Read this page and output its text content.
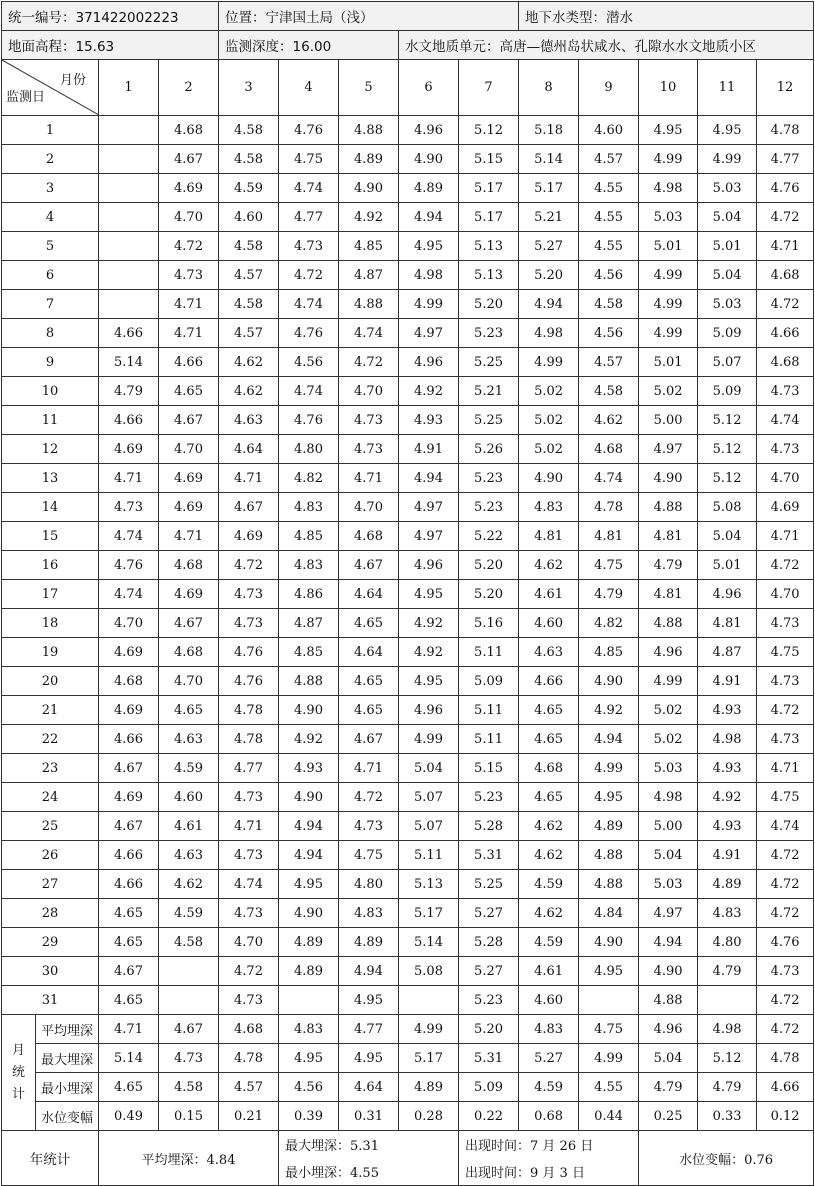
统一编号：371422002223				位置：宁津国土局（浅）					地下水类型：潜水				
地面高程：15.63				监测深度：16.00			水文地质单元：高唐—德州岛状咸水、孔隙水水文地质小区						

月份
监测日		1	2	3	4	5	6	7	8	9	10	11	12
1			4.68	4.58	4.76	4.88	4.96	5.12	5.18	4.60	4.95	4.95	4.78
2			4.67	4.58	4.75	4.89	4.90	5.15	5.14	4.57	4.99	4.99	4.77
3			4.69	4.59	4.74	4.90	4.89	5.17	5.17	4.55	4.98	5.03	4.76
4			4.70	4.60	4.77	4.92	4.94	5.17	5.21	4.55	5.03	5.04	4.72
5			4.72	4.58	4.73	4.85	4.95	5.13	5.27	4.55	5.01	5.01	4.71
6			4.73	4.57	4.72	4.87	4.98	5.13	5.20	4.56	4.99	5.04	4.68
7			4.71	4.58	4.74	4.88	4.99	5.20	4.94	4.58	4.99	5.03	4.72
8		4.66	4.71	4.57	4.76	4.74	4.97	5.23	4.98	4.56	4.99	5.09	4.66
9		5.14	4.66	4.62	4.56	4.72	4.96	5.25	4.99	4.57	5.01	5.07	4.68
10		4.79	4.65	4.62	4.74	4.70	4.92	5.21	5.02	4.58	5.02	5.09	4.73
11		4.66	4.67	4.63	4.76	4.73	4.93	5.25	5.02	4.62	5.00	5.12	4.74
12		4.69	4.70	4.64	4.80	4.73	4.91	5.26	5.02	4.68	4.97	5.12	4.73
13		4.71	4.69	4.71	4.82	4.71	4.94	5.23	4.90	4.74	4.90	5.12	4.70
14		4.73	4.69	4.67	4.83	4.70	4.97	5.23	4.83	4.78	4.88	5.08	4.69
15		4.74	4.71	4.69	4.85	4.68	4.97	5.22	4.81	4.81	4.81	5.04	4.71
16		4.76	4.68	4.72	4.83	4.67	4.96	5.20	4.62	4.75	4.79	5.01	4.72
17		4.74	4.69	4.73	4.86	4.64	4.95	5.20	4.61	4.79	4.81	4.96	4.70
18		4.70	4.67	4.73	4.87	4.65	4.92	5.16	4.60	4.82	4.88	4.81	4.73
19		4.69	4.68	4.76	4.85	4.64	4.92	5.11	4.63	4.85	4.96	4.87	4.75
20		4.68	4.70	4.76	4.88	4.65	4.95	5.09	4.66	4.90	4.99	4.91	4.73
21		4.69	4.65	4.78	4.90	4.65	4.96	5.11	4.65	4.92	5.02	4.93	4.72
22		4.66	4.63	4.78	4.92	4.67	4.99	5.11	4.65	4.94	5.02	4.98	4.73
23		4.67	4.59	4.77	4.93	4.71	5.04	5.15	4.68	4.99	5.03	4.93	4.71
24		4.69	4.60	4.73	4.90	4.72	5.07	5.23	4.65	4.95	4.98	4.92	4.75
25		4.67	4.61	4.71	4.94	4.73	5.07	5.28	4.62	4.89	5.00	4.93	4.74
26		4.66	4.63	4.73	4.94	4.75	5.11	5.31	4.62	4.88	5.04	4.91	4.72
27		4.66	4.62	4.74	4.95	4.80	5.13	5.25	4.59	4.88	5.03	4.89	4.72
28		4.65	4.59	4.73	4.90	4.83	5.17	5.27	4.62	4.84	4.97	4.83	4.72
29		4.65	4.58	4.70	4.89	4.89	5.14	5.28	4.59	4.90	4.94	4.80	4.76
30		4.67		4.72	4.89	4.94	5.08	5.27	4.61	4.95	4.90	4.79	4.73
31		4.65		4.73		4.95		5.23	4.60		4.88		4.72
月
统
计	平均埋深	4.71	4.67	4.68	4.83	4.77	4.99	5.20	4.83	4.75	4.96	4.98	4.72
	最大埋深	5.14	4.73	4.78	4.95	4.95	5.17	5.31	5.27	4.99	5.04	5.12	4.78
	最小埋深	4.65	4.58	4.57	4.56	4.64	4.89	5.09	4.59	4.55	4.79	4.79	4.66
	水位变幅	0.49	0.15	0.21	0.39	0.31	0.28	0.22	0.68	0.44	0.25	0.33	0.12
年统计		平均埋深：4.84			最大埋深：5.31			出现时间：7 月 26 日			水位变幅：0.76		
					最小埋深：4.55			出现时间：9 月 3 日					
